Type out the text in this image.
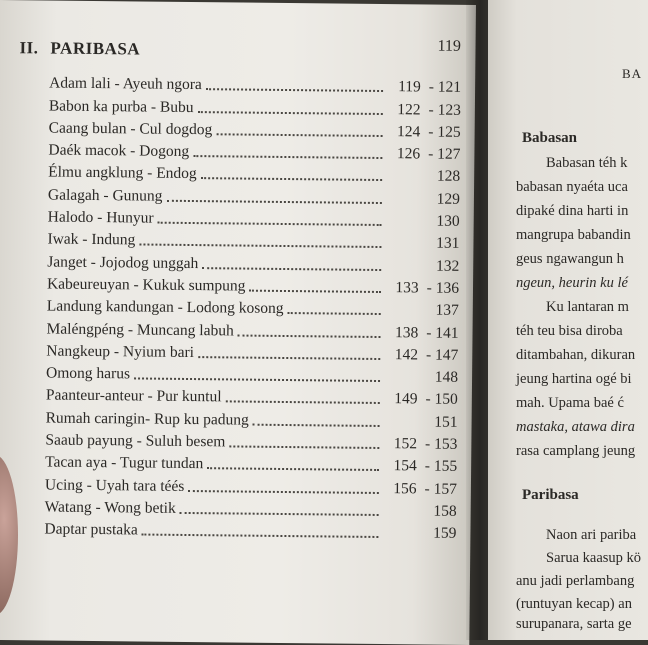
II. PARIBASA	119
Adam lali - Ayeuh ngora	119 - 121
Babon ka purba - Bubu	122 - 123
Caang bulan - Cul dogdog	124 - 125
Daék macok - Dogong	126 - 127
Élmu angklung - Endog	128
Galagah - Gunung	129
Halodo - Hunyur	130
Iwak - Indung	131
Janget - Jojodog unggah	132
Kabeureuyan - Kukuk sumpung	133 - 136
Landung kandungan - Lodong kosong	137
Maléngpéng - Muncang labuh	138 - 141
Nangkeup - Nyium bari	142 - 147
Omong harus	148
Paanteur-anteur - Pur kuntul	149 - 150
Rumah caringin- Rup ku padung	151
Saaub payung - Suluh besem	152 - 153
Tacan aya - Tugur tundan	154 - 155
Ucing - Uyah tara téés	156 - 157
Watang - Wong betik	158
Daptar pustaka	159
BA
Babasan
Babasan téh k
babasan nyaéta uca
dipaké dina harti in
mangrupa babandin
geus ngawangun h
ngeun, heurin ku lé
Ku lantaran m
téh teu bisa diroba
ditambahan, dikuran
jeung hartina ogé bi
mah. Upama baé ć
mastaka, atawa dira
rasa camplang jeung
Paribasa
Naon ari pariba
Sarua kaasup kö
anu jadi perlambang
(runtuyan kecap) an
surupanara, sarta ge
